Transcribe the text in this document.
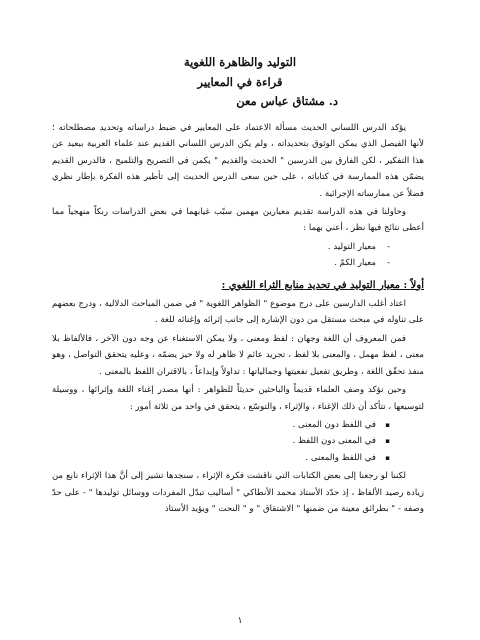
التوليد والظاهرة اللغوية
قراءة في المعايير
د. مشتاق عباس معن

يؤكد الدرس اللساني الحديث مسألة الاعتماد على المعايير في ضبط دراساته وتحديد مصطلحاته ؛ لأنها الفيصل الذي يمكن الوثوق بتحديداته ، ولم يكن الدرس اللساني القديم عند علماء العربية ببعيد عن هذا التفكير ، لكن الفارق بين الدرسين " الحديث والقديم " يكمن في التصريح والتلميح ، فالدرس القديم يضمّن هذه الممارسة في كتاباته ، على حين سعى الدرس الحديث إلى تأطير هذه الفكرة بإطار نظري فضلاً عن ممارساته الإجرائية .

وحاولنا في هذه الدراسة تقديم معيارين مهمين سبّب غيابهما في بعض الدراسات ربكاً منهجياً مما أعطى نتائج فيها نظر ، أعني بهما :

- معيار التوليد .
- معيار الكمّ .
أولاً : معيار التوليد في تحديد منابع الثراء اللغوي :

اعتاد أغلب الدارسين على درج موضوع " الظواهر اللغوية " في ضمن المباحث الدلالية ، ودرج بعضهم على تناوله في مبحث مستقل من دون الإشارة إلى جانب إثرائه وإغنائه للغة .

فمن المعروف أن اللغة وجهان : لفظ ومعنى ، ولا يمكن الاستغناء عن وجه دون الآخر ، فالألفاظ بلا معنى ، لفظ مهمل ، والمعنى بلا لفظ ، تجريد عائم لا ظاهر له ولا حيز يضمّه ، وعليه يتحقق التواصل ، وهو منفذ تحقّق اللغة ، وطريق تفعيل نفعيتها وجمالياتها : تداولاً وإبداعاً ، بالاقتران اللفظ بالمعنى .

وحين نؤكد وصف العلماء قديماً والباحثين حديثاً للظواهر : أنها مصدر إغناء اللغة وإثرائها ، ووسيلة لتوسيعها ، تتأكد أن ذلك الإغناء ، والإثراء ، والتوسّع ، يتحقق في واحد من ثلاثة أمور :

▪ في اللفظ دون المعنى .
▪ في المعنى دون اللفظ .
▪ في اللفظ والمعنى .

لكننا لو رجعنا إلى بعض الكتابات التي ناقشت فكرة الإثراء ، سنجدها تشير إلى أنَّ هذا الإثراء نابع من زيادة رصيد الألفاظ ، إذ حدّد الأستاذ محمد الأنطاكي " أساليب تبدّل المفردات ووسائل توليدها " - على حدّ وصفه - " بطرائق معينة من ضمنها " الاشتقاق " و " النحت " ويؤيد الأستاذ

١
